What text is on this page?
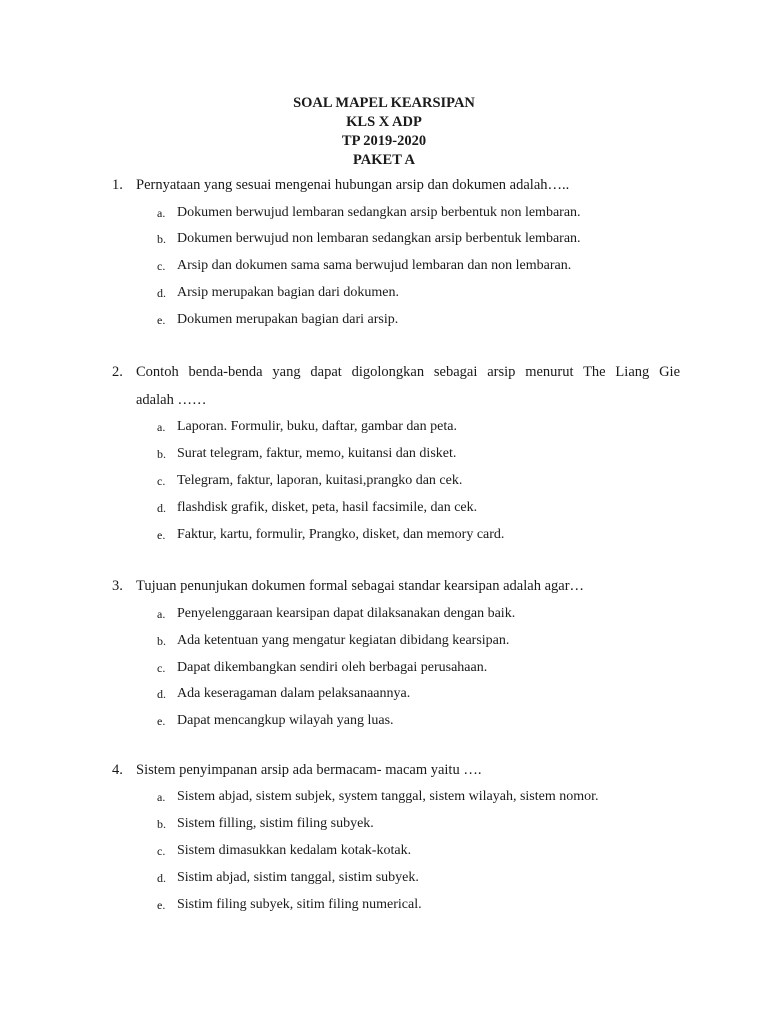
SOAL MAPEL KEARSIPAN
KLS X ADP
TP 2019-2020
PAKET A
1. Pernyataan yang sesuai mengenai hubungan arsip dan dokumen adalah…..
a. Dokumen berwujud lembaran sedangkan arsip berbentuk non lembaran.
b. Dokumen berwujud non lembaran sedangkan arsip berbentuk lembaran.
c. Arsip dan dokumen sama sama berwujud lembaran dan non lembaran.
d. Arsip merupakan bagian dari dokumen.
e. Dokumen merupakan bagian dari arsip.
2. Contoh benda-benda yang dapat digolongkan sebagai arsip menurut The Liang Gie
adalah ……
a. Laporan. Formulir, buku, daftar, gambar dan peta.
b. Surat telegram, faktur, memo, kuitansi dan disket.
c. Telegram, faktur, laporan, kuitasi,prangko dan cek.
d. flashdisk grafik, disket, peta, hasil facsimile, dan cek.
e. Faktur, kartu, formulir, Prangko, disket, dan memory card.
3. Tujuan penunjukan dokumen formal sebagai standar kearsipan adalah agar…
a. Penyelenggaraan kearsipan dapat dilaksanakan dengan baik.
b. Ada ketentuan yang mengatur kegiatan dibidang kearsipan.
c. Dapat dikembangkan sendiri oleh berbagai perusahaan.
d. Ada keseragaman dalam pelaksanaannya.
e. Dapat mencangkup wilayah yang luas.
4. Sistem penyimpanan arsip ada bermacam- macam yaitu ….
a. Sistem abjad, sistem subjek, system tanggal, sistem wilayah, sistem nomor.
b. Sistem filling, sistim filing subyek.
c. Sistem dimasukkan kedalam kotak-kotak.
d. Sistim abjad, sistim tanggal, sistim subyek.
e. Sistim filing subyek, sitim filing numerical.
